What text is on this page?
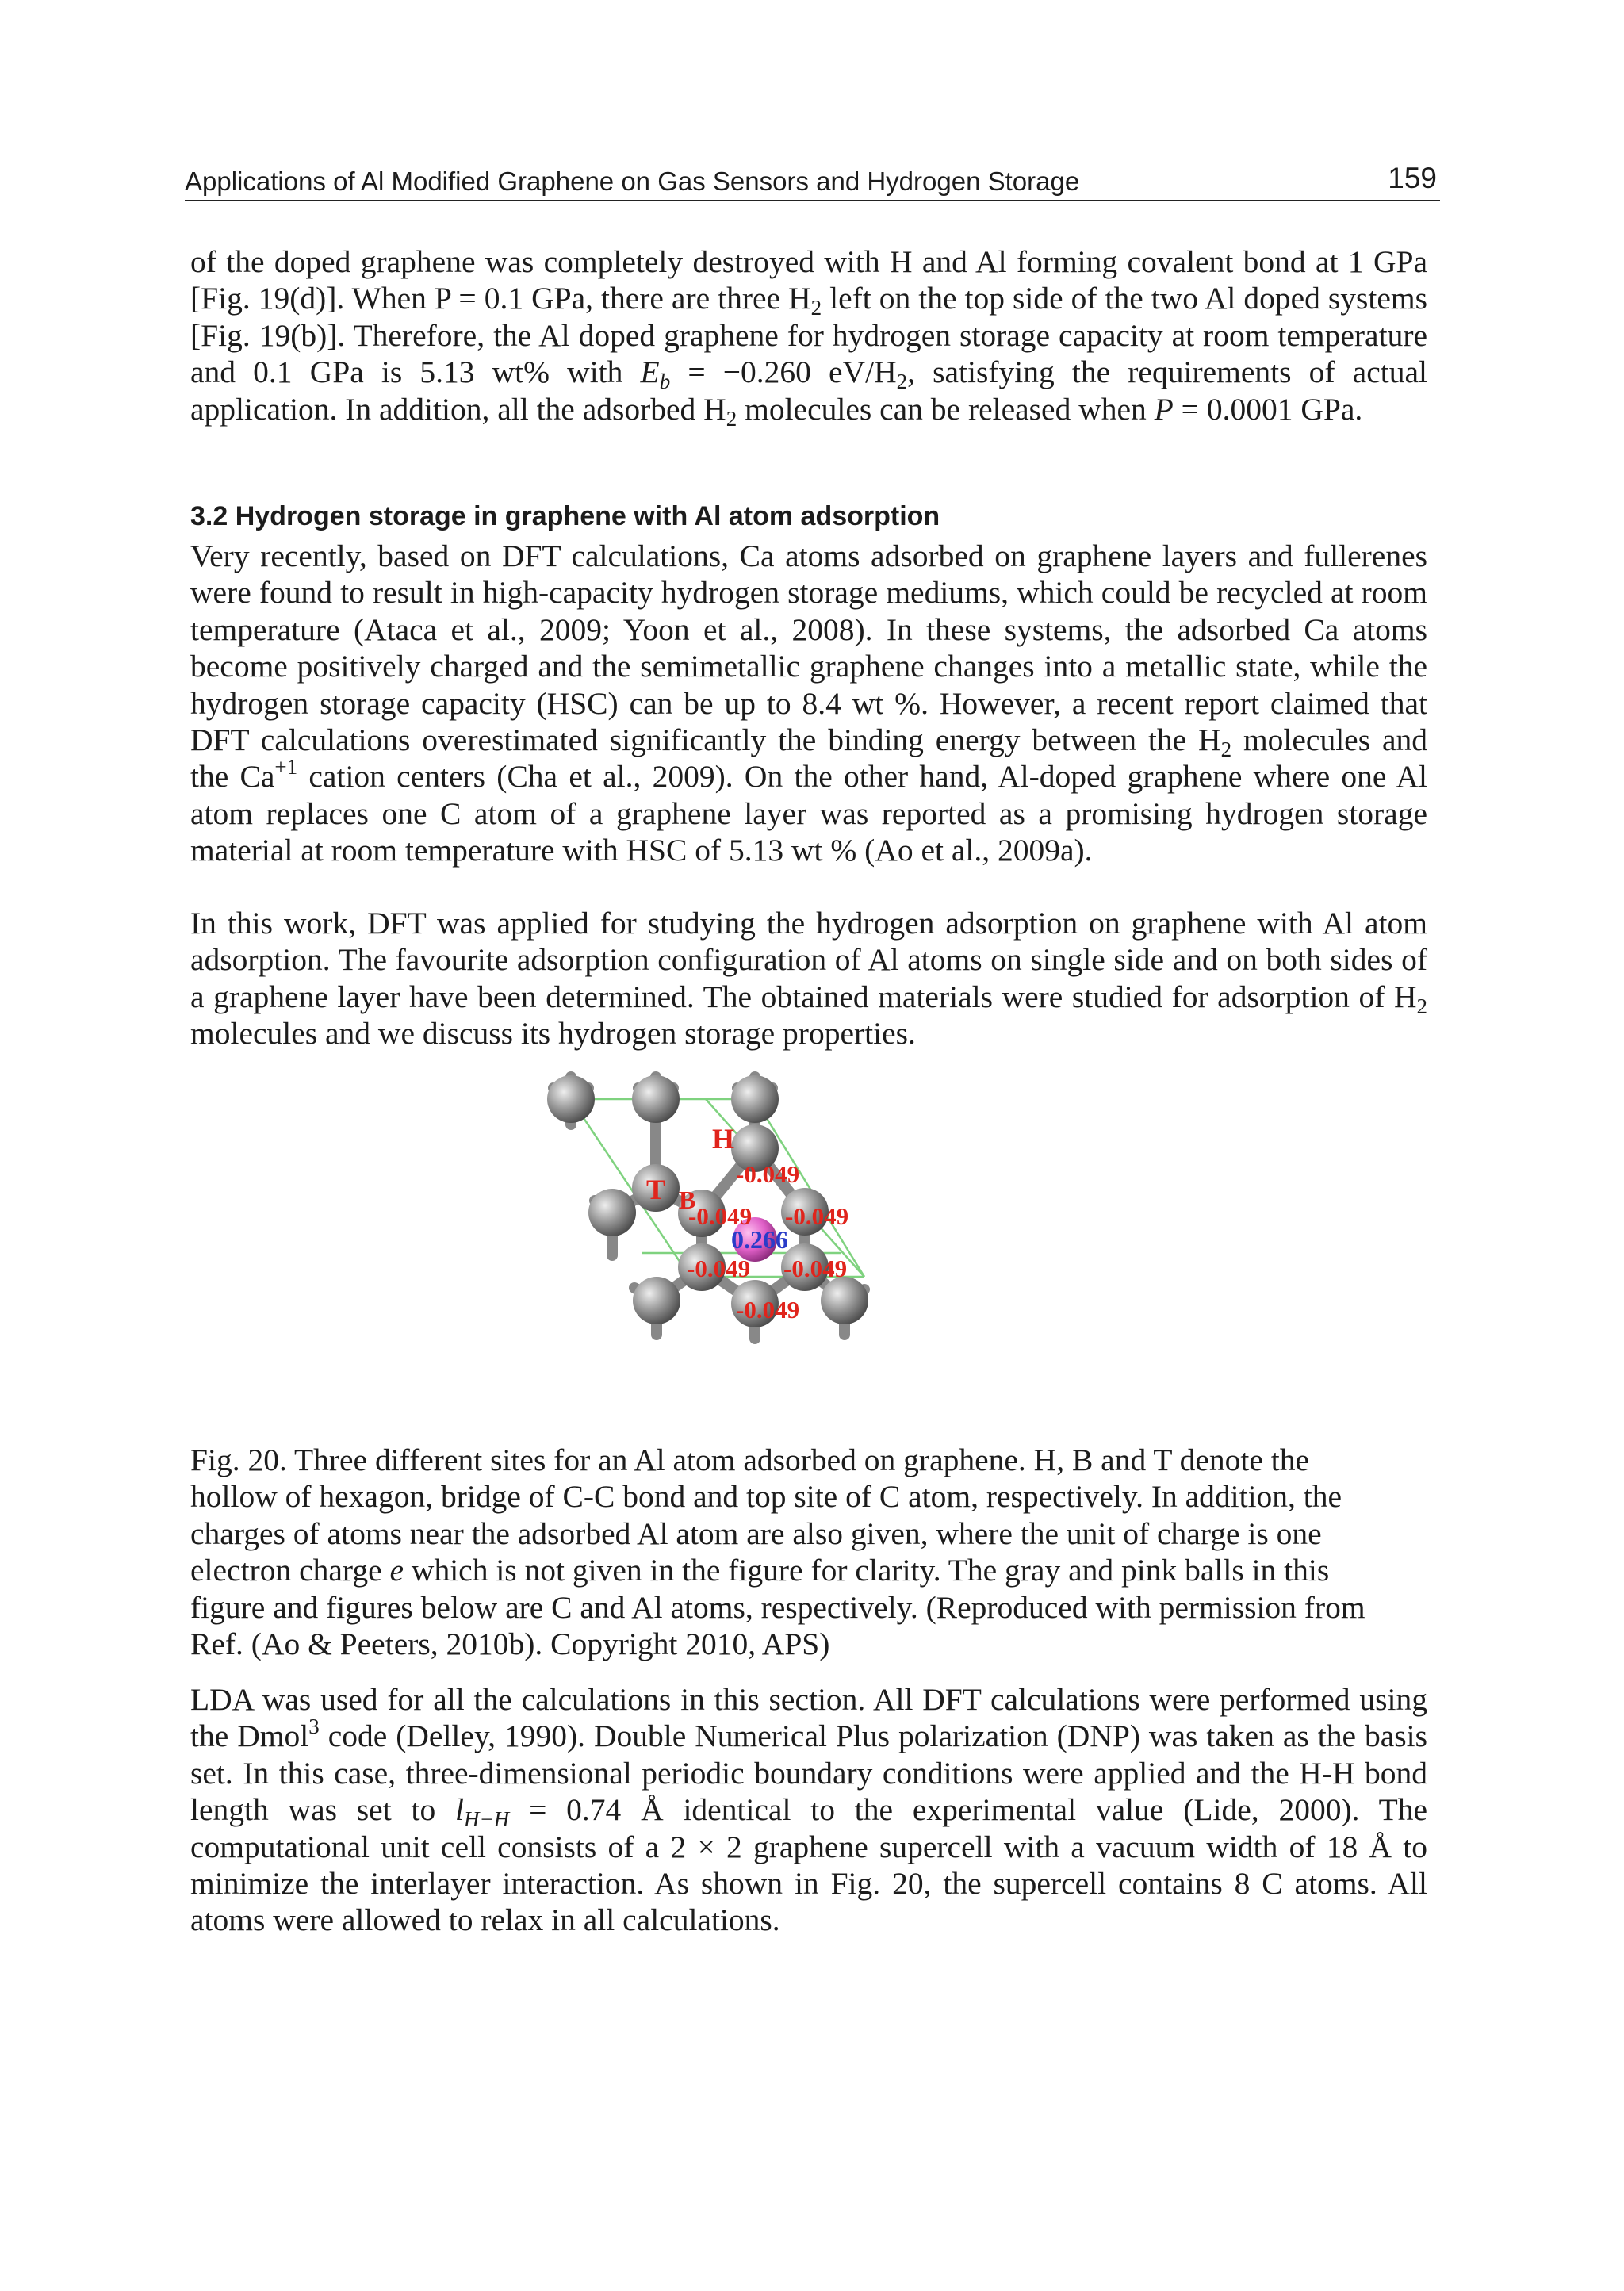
Applications of Al Modified Graphene on Gas Sensors and Hydrogen Storage	159

of the doped graphene was completely destroyed with H and Al forming covalent bond at 1 GPa [Fig. 19(d)]. When P = 0.1 GPa, there are three $H_2$ left on the top side of the two Al doped systems [Fig. 19(b)]. Therefore, the Al doped graphene for hydrogen storage capacity at room temperature and 0.1 GPa is 5.13 wt% with $E_b = -0.260$ $eV/H_2$, satisfying the requirements of actual application. In addition, all the adsorbed $H_2$ molecules can be released when P = 0.0001 GPa.

3.2 Hydrogen storage in graphene with Al atom adsorption

Very recently, based on DFT calculations, Ca atoms adsorbed on graphene layers and fullerenes were found to result in high-capacity hydrogen storage mediums, which could be recycled at room temperature (Ataca et al., 2009; Yoon et al., 2008). In these systems, the adsorbed Ca atoms become positively charged and the semimetallic graphene changes into a metallic state, while the hydrogen storage capacity (HSC) can be up to 8.4 wt %. However, a recent report claimed that DFT calculations overestimated significantly the binding energy between the $H_2$ molecules and the $Ca^{+1}$ cation centers (Cha et al., 2009). On the other hand, Al-doped graphene where one Al atom replaces one C atom of a graphene layer was reported as a promising hydrogen storage material at room temperature with HSC of 5.13 wt % (Ao et al., 2009a).

In this work, DFT was applied for studying the hydrogen adsorption on graphene with Al atom adsorption. The favourite adsorption configuration of Al atoms on single side and on both sides of a graphene layer have been determined. The obtained materials were studied for adsorption of $H_2$ molecules and we discuss its hydrogen storage properties.

H
T B
-0.049
-0.049 -0.049
-0.049 -0.049
-0.049
0.266

Fig. 20. Three different sites for an Al atom adsorbed on graphene. H, B and T denote the hollow of hexagon, bridge of C-C bond and top site of C atom, respectively. In addition, the charges of atoms near the adsorbed Al atom are also given, where the unit of charge is one electron charge e which is not given in the figure for clarity. The gray and pink balls in this figure and figures below are C and Al atoms, respectively. (Reproduced with permission from Ref. (Ao & Peeters, 2010b). Copyright 2010, APS)

LDA was used for all the calculations in this section. All DFT calculations were performed using the Dmol$^3$ code (Delley, 1990). Double Numerical Plus polarization (DNP) was taken as the basis set. In this case, three-dimensional periodic boundary conditions were applied and the H-H bond length was set to $l_{H-H} = 0.74$ Å identical to the experimental value (Lide, 2000). The computational unit cell consists of a 2 × 2 graphene supercell with a vacuum width of 18 Å to minimize the interlayer interaction. As shown in Fig. 20, the supercell contains 8 C atoms. All atoms were allowed to relax in all calculations.
